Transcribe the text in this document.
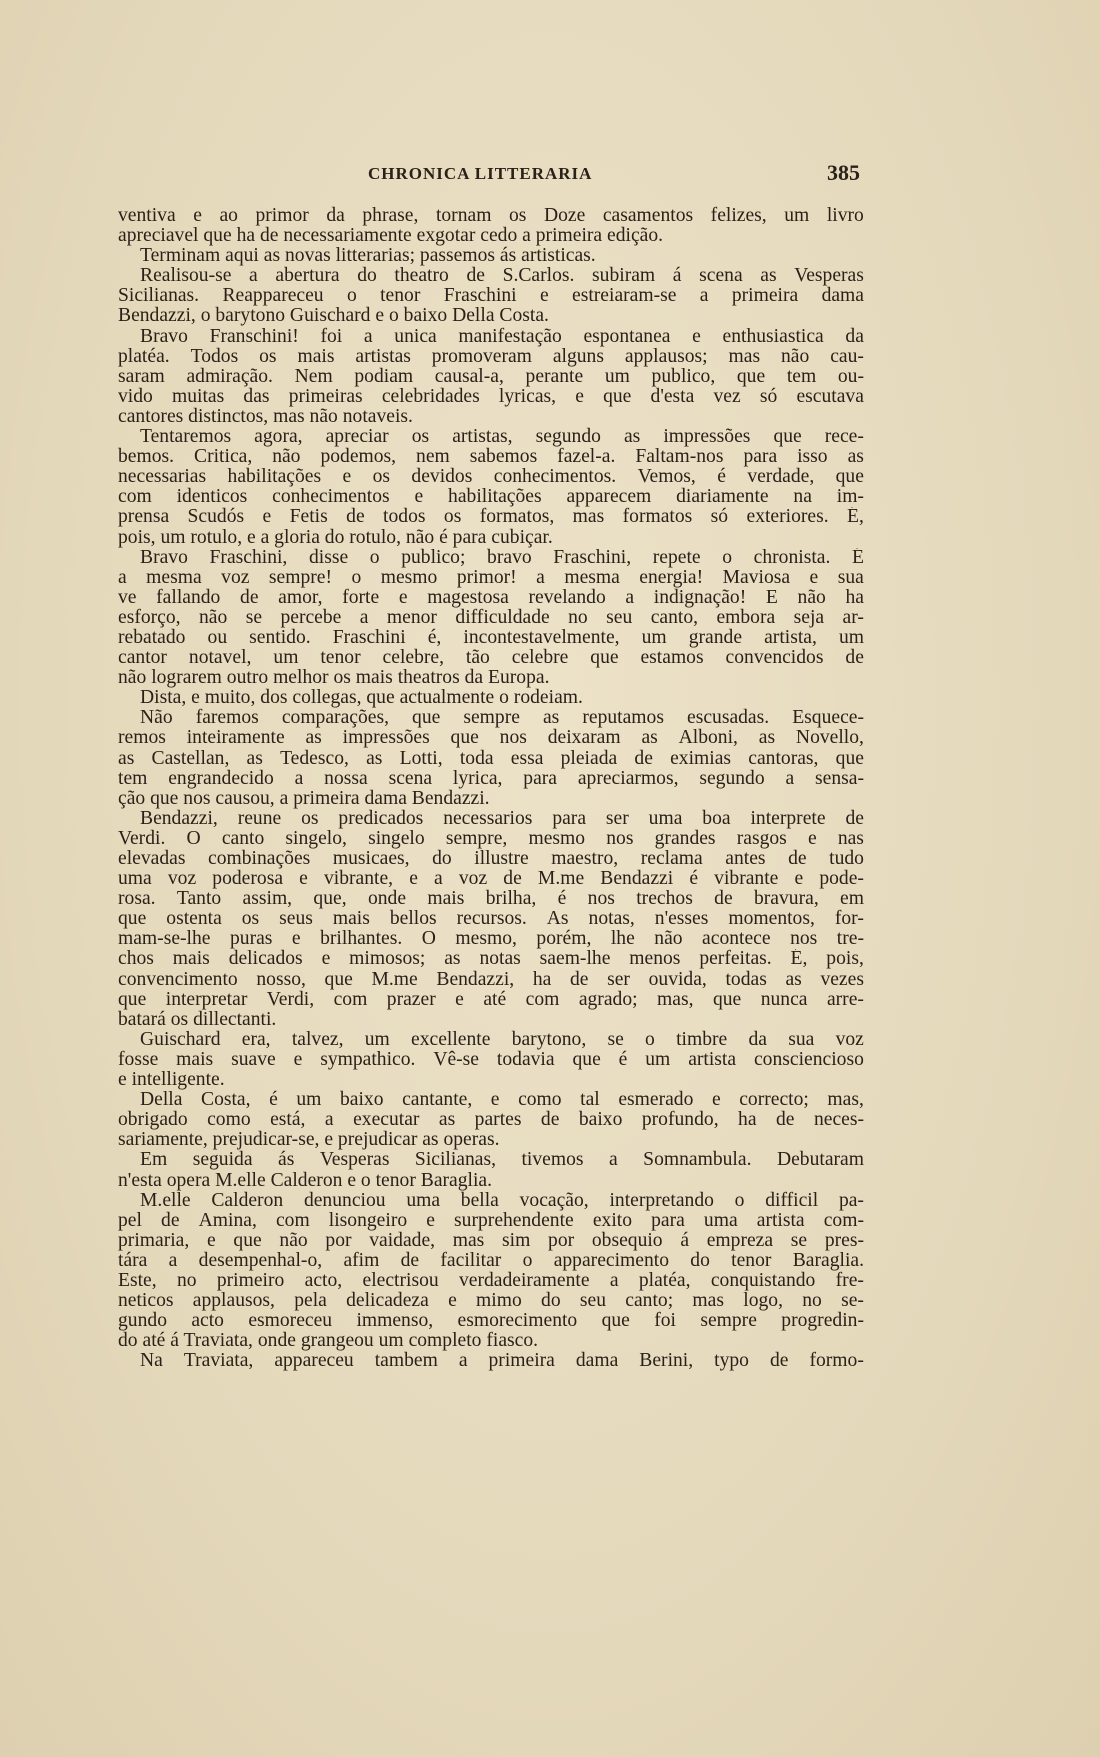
CHRONICA LITTERARIA	385
ventiva e ao primor da phrase, tornam os Doze casamentos felizes, um livro
apreciavel que ha de necessariamente exgotar cedo a primeira edição.
Terminam aqui as novas litterarias; passemos ás artisticas.
Realisou-se a abertura do theatro de S.Carlos. subiram á scena as Vesperas
Sicilianas. Reappareceu o tenor Fraschini e estreiaram-se a primeira dama
Bendazzi, o barytono Guischard e o baixo Della Costa.
Bravo Franschini! foi a unica manifestação espontanea e enthusiastica da
platéa. Todos os mais artistas promoveram alguns applausos; mas não cau-
saram admiração. Nem podiam causal-a, perante um publico, que tem ou-
vido muitas das primeiras celebridades lyricas, e que d'esta vez só escutava
cantores distinctos, mas não notaveis.
Tentaremos agora, apreciar os artistas, segundo as impressões que rece-
bemos. Critica, não podemos, nem sabemos fazel-a. Faltam-nos para isso as
necessarias habilitações e os devidos conhecimentos. Vemos, é verdade, que
com identicos conhecimentos e habilitações apparecem diariamente na im-
prensa Scudós e Fetis de todos os formatos, mas formatos só exteriores. É,
pois, um rotulo, e a gloria do rotulo, não é para cubiçar.
Bravo Fraschini, disse o publico; bravo Fraschini, repete o chronista. É
a mesma voz sempre! o mesmo primor! a mesma energia! Maviosa e sua
ve fallando de amor, forte e magestosa revelando a indignação! E não ha
esforço, não se percebe a menor difficuldade no seu canto, embora seja ar-
rebatado ou sentido. Fraschini é, incontestavelmente, um grande artista, um
cantor notavel, um tenor celebre, tão celebre que estamos convencidos de
não lograrem outro melhor os mais theatros da Europa.
Dista, e muito, dos collegas, que actualmente o rodeiam.
Não faremos comparações, que sempre as reputamos escusadas. Esquece-
remos inteiramente as impressões que nos deixaram as Alboni, as Novello,
as Castellan, as Tedesco, as Lotti, toda essa pleiada de eximias cantoras, que
tem engrandecido a nossa scena lyrica, para apreciarmos, segundo a sensa-
ção que nos causou, a primeira dama Bendazzi.
Bendazzi, reune os predicados necessarios para ser uma boa interprete de
Verdi. O canto singelo, singelo sempre, mesmo nos grandes rasgos e nas
elevadas combinações musicaes, do illustre maestro, reclama antes de tudo
uma voz poderosa e vibrante, e a voz de M.me Bendazzi é vibrante e pode-
rosa. Tanto assim, que, onde mais brilha, é nos trechos de bravura, em
que ostenta os seus mais bellos recursos. As notas, n'esses momentos, for-
mam-se-lhe puras e brilhantes. O mesmo, porém, lhe não acontece nos tre-
chos mais delicados e mimosos; as notas saem-lhe menos perfeitas. É, pois,
convencimento nosso, que M.me Bendazzi, ha de ser ouvida, todas as vezes
que interpretar Verdi, com prazer e até com agrado; mas, que nunca arre-
batará os dillectanti.
Guischard era, talvez, um excellente barytono, se o timbre da sua voz
fosse mais suave e sympathico. Vê-se todavia que é um artista consciencioso
e intelligente.
Della Costa, é um baixo cantante, e como tal esmerado e correcto; mas,
obrigado como está, a executar as partes de baixo profundo, ha de neces-
sariamente, prejudicar-se, e prejudicar as operas.
Em seguida ás Vesperas Sicilianas, tivemos a Somnambula. Debutaram
n'esta opera M.elle Calderon e o tenor Baraglia.
M.elle Calderon denunciou uma bella vocação, interpretando o difficil pa-
pel de Amina, com lisongeiro e surprehendente exito para uma artista com-
primaria, e que não por vaidade, mas sim por obsequio á empreza se pres-
tára a desempenhal-o, afim de facilitar o apparecimento do tenor Baraglia.
Este, no primeiro acto, electrisou verdadeiramente a platéa, conquistando fre-
neticos applausos, pela delicadeza e mimo do seu canto; mas logo, no se-
gundo acto esmoreceu immenso, esmorecimento que foi sempre progredin-
do até á Traviata, onde grangeou um completo fiasco.
Na Traviata, appareceu tambem a primeira dama Berini, typo de formo-
